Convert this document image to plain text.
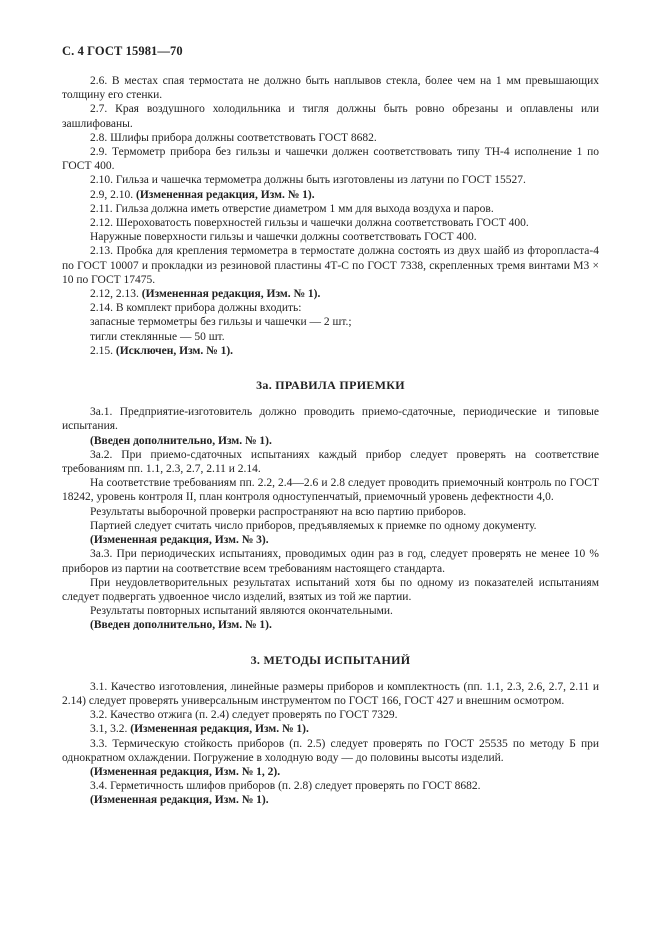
С. 4 ГОСТ 15981—70

2.6. В местах спая термостата не должно быть наплывов стекла, более чем на 1 мм превышающих толщину его стенки.

2.7. Края воздушного холодильника и тигля должны быть ровно обрезаны и оплавлены или зашлифованы.

2.8. Шлифы прибора должны соответствовать ГОСТ 8682.

2.9. Термометр прибора без гильзы и чашечки должен соответствовать типу ТН-4 исполнение 1 по ГОСТ 400.

2.10. Гильза и чашечка термометра должны быть изготовлены из латуни по ГОСТ 15527.

2.9, 2.10. (Измененная редакция, Изм. № 1).

2.11. Гильза должна иметь отверстие диаметром 1 мм для выхода воздуха и паров.

2.12. Шероховатость поверхностей гильзы и чашечки должна соответствовать ГОСТ 400.

Наружные поверхности гильзы и чашечки должны соответствовать ГОСТ 400.

2.13. Пробка для крепления термометра в термостате должна состоять из двух шайб из фторопласта-4 по ГОСТ 10007 и прокладки из резиновой пластины 4Т-С по ГОСТ 7338, скрепленных тремя винтами М3 × 10 по ГОСТ 17475.

2.12, 2.13. (Измененная редакция, Изм. № 1).

2.14. В комплект прибора должны входить:

запасные термометры без гильзы и чашечки — 2 шт.;

тигли стеклянные — 50 шт.

2.15. (Исключен, Изм. № 1).

3а. ПРАВИЛА ПРИЕМКИ

3а.1. Предприятие-изготовитель должно проводить приемо-сдаточные, периодические и типовые испытания.

(Введен дополнительно, Изм. № 1).

3а.2. При приемо-сдаточных испытаниях каждый прибор следует проверять на соответствие требованиям пп. 1.1, 2.3, 2.7, 2.11 и 2.14.

На соответствие требованиям пп. 2.2, 2.4—2.6 и 2.8 следует проводить приемочный контроль по ГОСТ 18242, уровень контроля II, план контроля одноступенчатый, приемочный уровень дефектности 4,0.

Результаты выборочной проверки распространяют на всю партию приборов.

Партией следует считать число приборов, предъявляемых к приемке по одному документу.

(Измененная редакция, Изм. № 3).

3а.3. При периодических испытаниях, проводимых один раз в год, следует проверять не менее 10 % приборов из партии на соответствие всем требованиям настоящего стандарта.

При неудовлетворительных результатах испытаний хотя бы по одному из показателей испытаниям следует подвергать удвоенное число изделий, взятых из той же партии.

Результаты повторных испытаний являются окончательными.

(Введен дополнительно, Изм. № 1).

3. МЕТОДЫ ИСПЫТАНИЙ

3.1. Качество изготовления, линейные размеры приборов и комплектность (пп. 1.1, 2.3, 2.6, 2.7, 2.11 и 2.14) следует проверять универсальным инструментом по ГОСТ 166, ГОСТ 427 и внешним осмотром.

3.2. Качество отжига (п. 2.4) следует проверять по ГОСТ 7329.

3.1, 3.2. (Измененная редакция, Изм. № 1).

3.3. Термическую стойкость приборов (п. 2.5) следует проверять по ГОСТ 25535 по методу Б при однократном охлаждении. Погружение в холодную воду — до половины высоты изделий.

(Измененная редакция, Изм. № 1, 2).

3.4. Герметичность шлифов приборов (п. 2.8) следует проверять по ГОСТ 8682.

(Измененная редакция, Изм. № 1).
